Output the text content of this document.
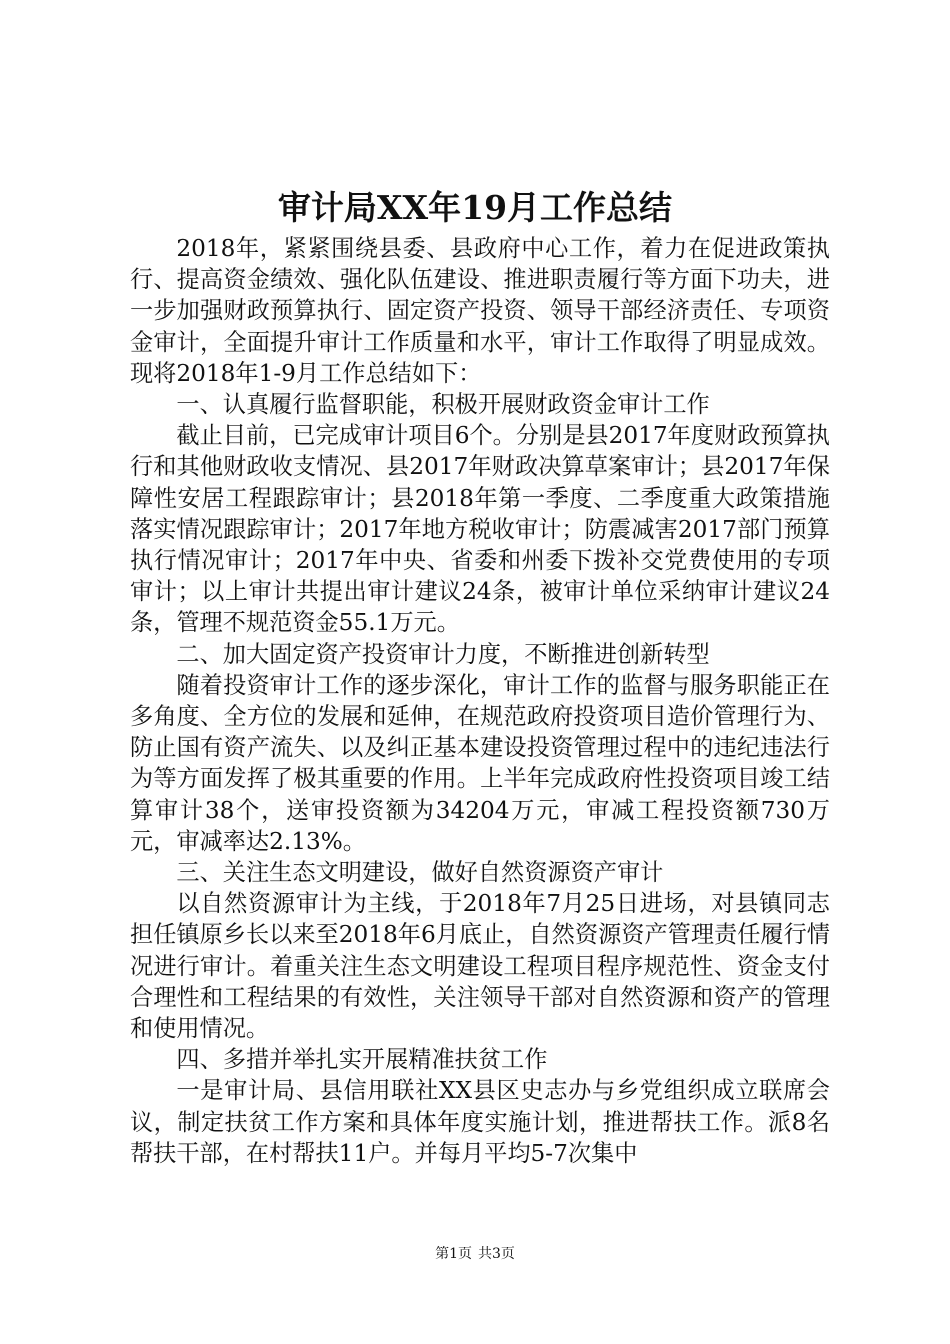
审计局XX年19月工作总结

2018年，紧紧围绕县委、县政府中心工作，着力在促进政策执行、提高资金绩效、强化队伍建设、推进职责履行等方面下功夫，进一步加强财政预算执行、固定资产投资、领导干部经济责任、专项资金审计，全面提升审计工作质量和水平，审计工作取得了明显成效。现将2018年1-9月工作总结如下：

一、认真履行监督职能，积极开展财政资金审计工作

截止目前，已完成审计项目6个。分别是县2017年度财政预算执行和其他财政收支情况、县2017年财政决算草案审计；县2017年保障性安居工程跟踪审计；县2018年第一季度、二季度重大政策措施落实情况跟踪审计；2017年地方税收审计；防震减害2017部门预算执行情况审计；2017年中央、省委和州委下拨补交党费使用的专项审计；以上审计共提出审计建议24条，被审计单位采纳审计建议24条，管理不规范资金55.1万元。

二、加大固定资产投资审计力度，不断推进创新转型

随着投资审计工作的逐步深化，审计工作的监督与服务职能正在多角度、全方位的发展和延伸，在规范政府投资项目造价管理行为、防止国有资产流失、以及纠正基本建设投资管理过程中的违纪违法行为等方面发挥了极其重要的作用。上半年完成政府性投资项目竣工结算审计38个，送审投资额为34204万元，审减工程投资额730万元，审减率达2.13%。

三、关注生态文明建设，做好自然资源资产审计

以自然资源审计为主线，于2018年7月25日进场，对县镇同志担任镇原乡长以来至2018年6月底止，自然资源资产管理责任履行情况进行审计。着重关注生态文明建设工程项目程序规范性、资金支付合理性和工程结果的有效性，关注领导干部对自然资源和资产的管理和使用情况。

四、多措并举扎实开展精准扶贫工作

一是审计局、县信用联社XX县区史志办与乡党组织成立联席会议，制定扶贫工作方案和具体年度实施计划，推进帮扶工作。派8名帮扶干部，在村帮扶11户。并每月平均5-7次集中

第1页 共3页
